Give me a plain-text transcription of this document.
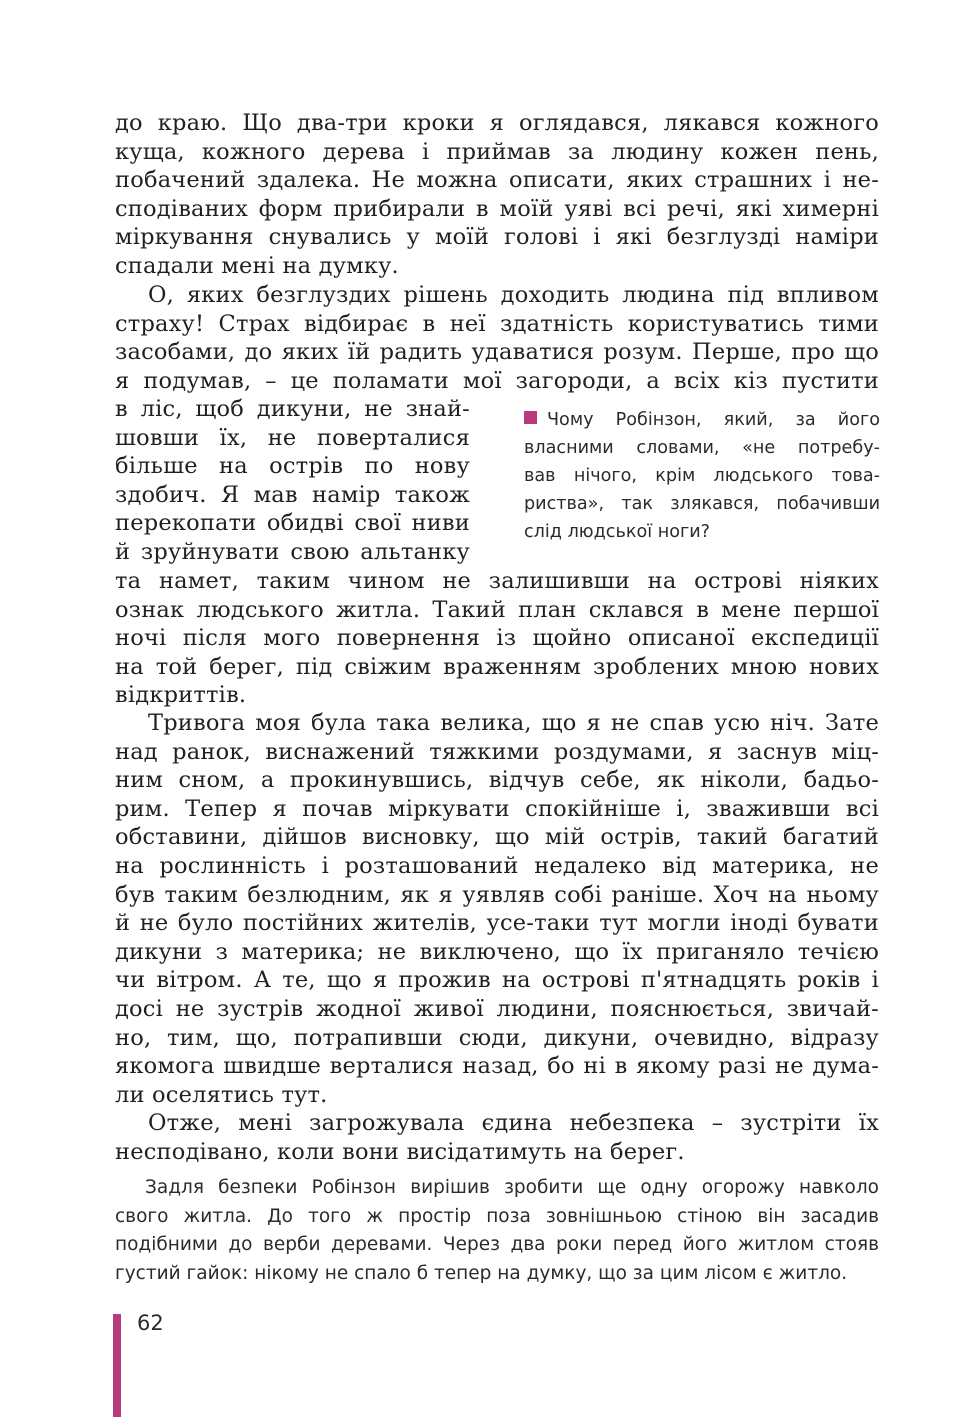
до краю. Що два-три кроки я оглядався, лякався кожного
куща, кожного дерева і приймав за людину кожен пень,
побачений здалека. Не можна описати, яких страшних і не-
сподіваних форм прибирали в моїй уяві всі речі, які химерні
міркування снувались у моїй голові і які безглузді наміри
спадали мені на думку.
О, яких безглуздих рішень доходить людина під впливом
страху! Страх відбирає в неї здатність користуватись тими
засобами, до яких їй радить удаватися розум. Перше, про що
я подумав, – це поламати мої загороди, а всіх кіз пустити
в ліс, щоб дикуни, не знай-
шовши їх, не поверталися
більше на острів по нову
здобич. Я мав намір також
перекопати обидві свої ниви
й зруйнувати свою альтанку
Чому Робінзон, який, за його
власними словами, «не потребу-
вав нічого, крім людського това-
риства», так злякався, побачивши
слід людської ноги?
та намет, таким чином не залишивши на острові ніяких
ознак людського житла. Такий план склався в мене першої
ночі після мого повернення із щойно описаної експедиції
на той берег, під свіжим враженням зроблених мною нових
відкриттів.
Тривога моя була така велика, що я не спав усю ніч. Зате
над ранок, виснажений тяжкими роздумами, я заснув міц-
ним сном, а прокинувшись, відчув себе, як ніколи, бадьо-
рим. Тепер я почав міркувати спокійніше і, зваживши всі
обставини, дійшов висновку, що мій острів, такий багатий
на рослинність і розташований недалеко від материка, не
був таким безлюдним, як я уявляв собі раніше. Хоч на ньому
й не було постійних жителів, усе-таки тут могли іноді бувати
дикуни з материка; не виключено, що їх приганяло течією
чи вітром. А те, що я прожив на острові п'ятнадцять років і
досі не зустрів жодної живої людини, пояснюється, звичай-
но, тим, що, потрапивши сюди, дикуни, очевидно, відразу
якомога швидше верталися назад, бо ні в якому разі не дума-
ли оселятись тут.
Отже, мені загрожувала єдина небезпека – зустріти їх
несподівано, коли вони висідатимуть на берег.
Задля безпеки Робінзон вирішив зробити ще одну огорожу навколо
свого житла. До того ж простір поза зовнішньою стіною він засадив
подібними до верби деревами. Через два роки перед його житлом стояв
густий гайок: нікому не спало б тепер на думку, що за цим лісом є житло.
62
